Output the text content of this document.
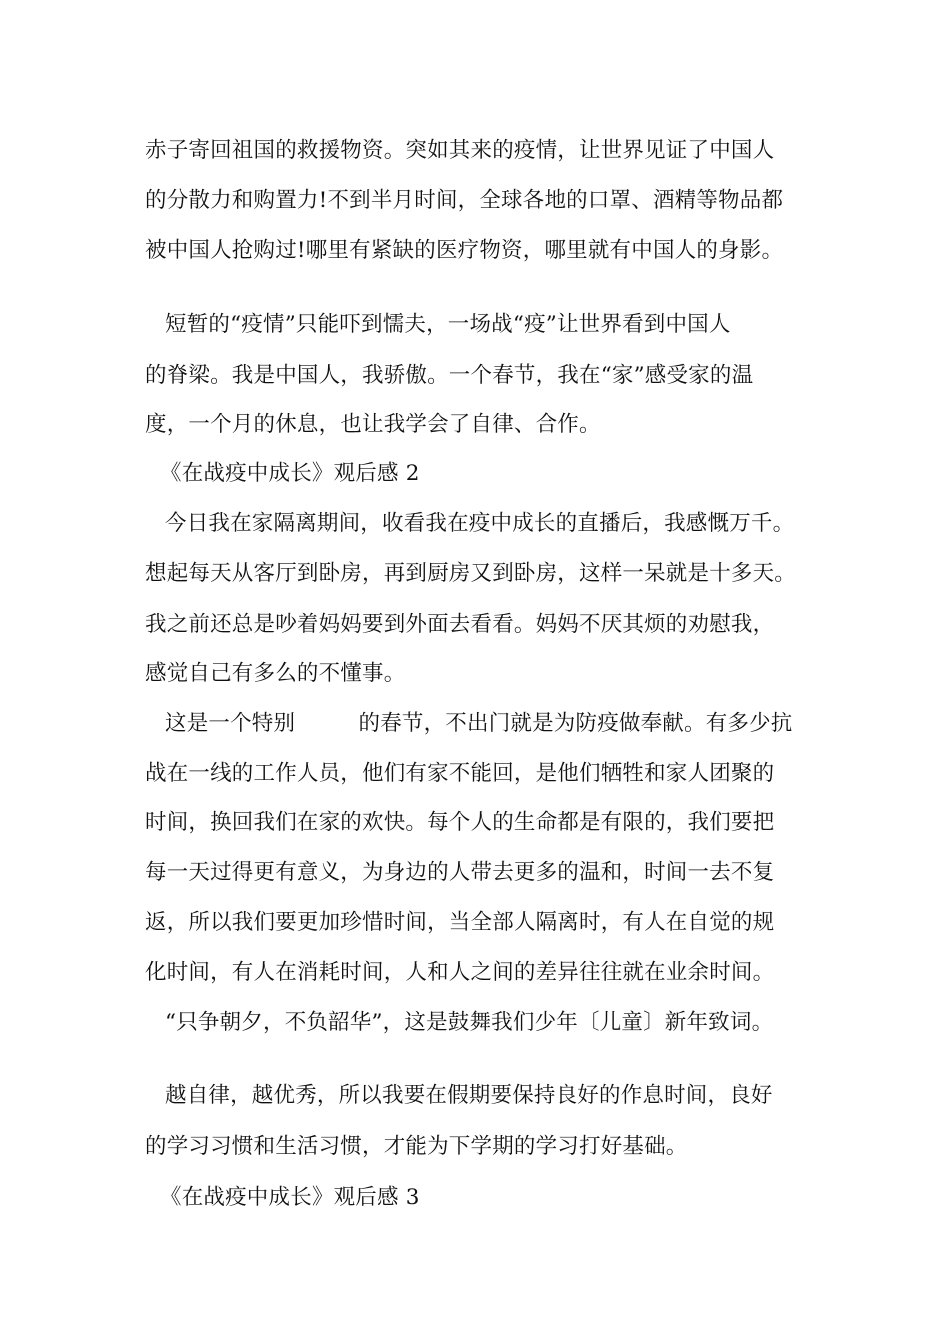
赤子寄回祖国的救援物资。突如其来的疫情，让世界见证了中国人
的分散力和购置力!不到半月时间，全球各地的口罩、酒精等物品都
被中国人抢购过!哪里有紧缺的医疗物资，哪里就有中国人的身影。
短暂的“疫情”只能吓到懦夫，一场战“疫”让世界看到中国人
的脊梁。我是中国人，我骄傲。一个春节，我在“家”感受家的温
度，一个月的休息，也让我学会了自律、合作。
《在战疫中成长》观后感 2
今日我在家隔离期间，收看我在疫中成长的直播后，我感慨万千。
想起每天从客厅到卧房，再到厨房又到卧房，这样一呆就是十多天。
我之前还总是吵着妈妈要到外面去看看。妈妈不厌其烦的劝慰我，
感觉自己有多么的不懂事。
这是一个特别         的春节，不出门就是为防疫做奉献。有多少抗
战在一线的工作人员，他们有家不能回，是他们牺牲和家人团聚的
时间，换回我们在家的欢快。每个人的生命都是有限的，我们要把
每一天过得更有意义，为身边的人带去更多的温和，时间一去不复
返，所以我们要更加珍惜时间，当全部人隔离时，有人在自觉的规
化时间，有人在消耗时间，人和人之间的差异往往就在业余时间。
“只争朝夕，不负韶华”，这是鼓舞我们少年〔儿童〕新年致词。
越自律，越优秀，所以我要在假期要保持良好的作息时间，良好
的学习习惯和生活习惯，才能为下学期的学习打好基础。
《在战疫中成长》观后感 3
